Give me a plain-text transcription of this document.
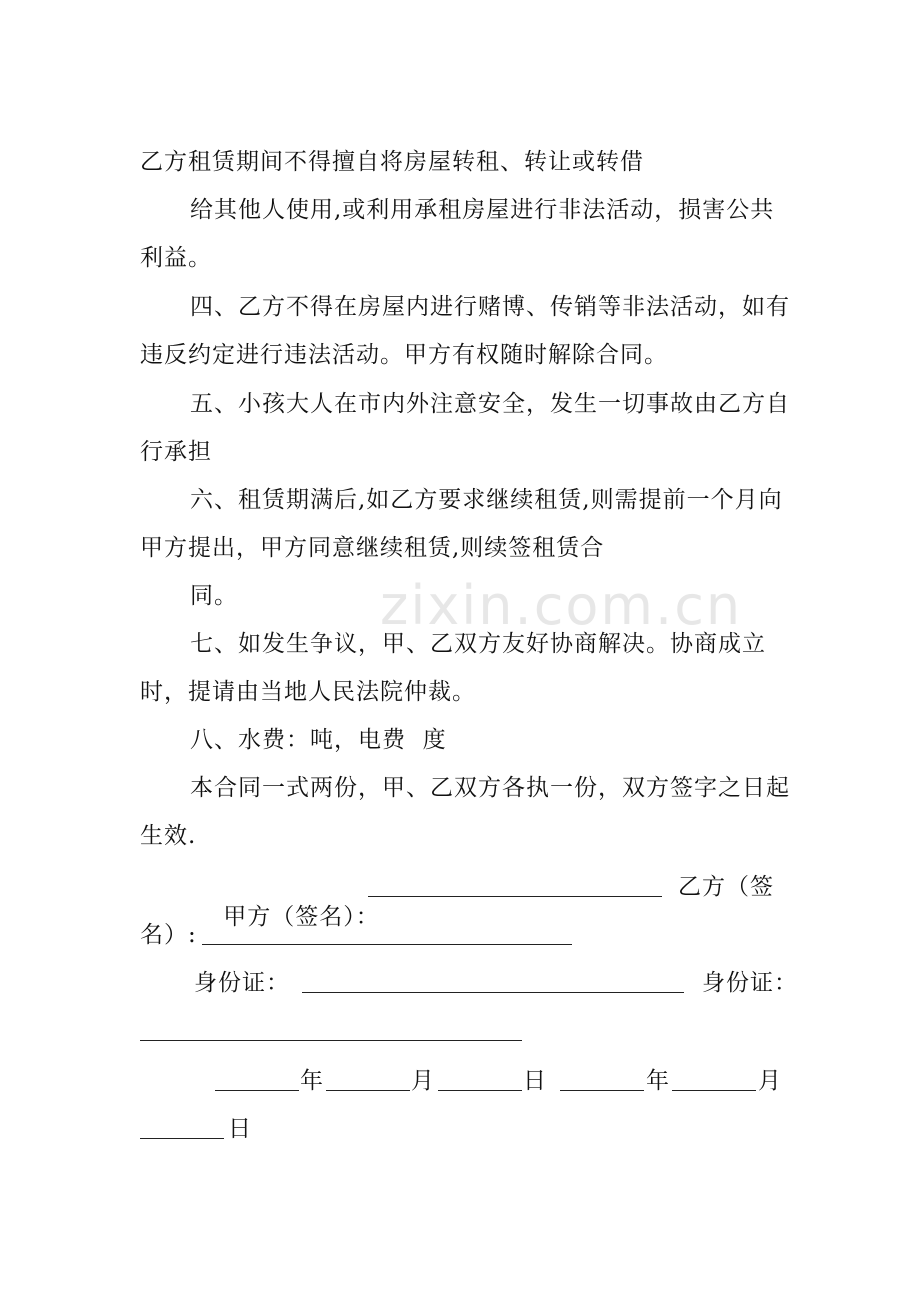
zixin.com.cn

乙方租赁期间不得擅自将房屋转租、转让或转借

给其他人使用,或利用承租房屋进行非法活动，损害公共利益。

四、乙方不得在房屋内进行赌博、传销等非法活动，如有违反约定进行违法活动。甲方有权随时解除合同。

五、小孩大人在市内外注意安全，发生一切事故由乙方自行承担

六、租赁期满后,如乙方要求继续租赁,则需提前一个月向甲方提出，甲方同意继续租赁,则续签租赁合

同。

七、如发生争议，甲、乙双方友好协商解决。协商成立时，提请由当地人民法院仲裁。

八、水费：吨，电费  度

本合同一式两份，甲、乙双方各执一份，双方签字之日起生效.

甲方（签名）：

乙方（签
名）:
身份证：	身份证：
年	月	日	年	月
日
